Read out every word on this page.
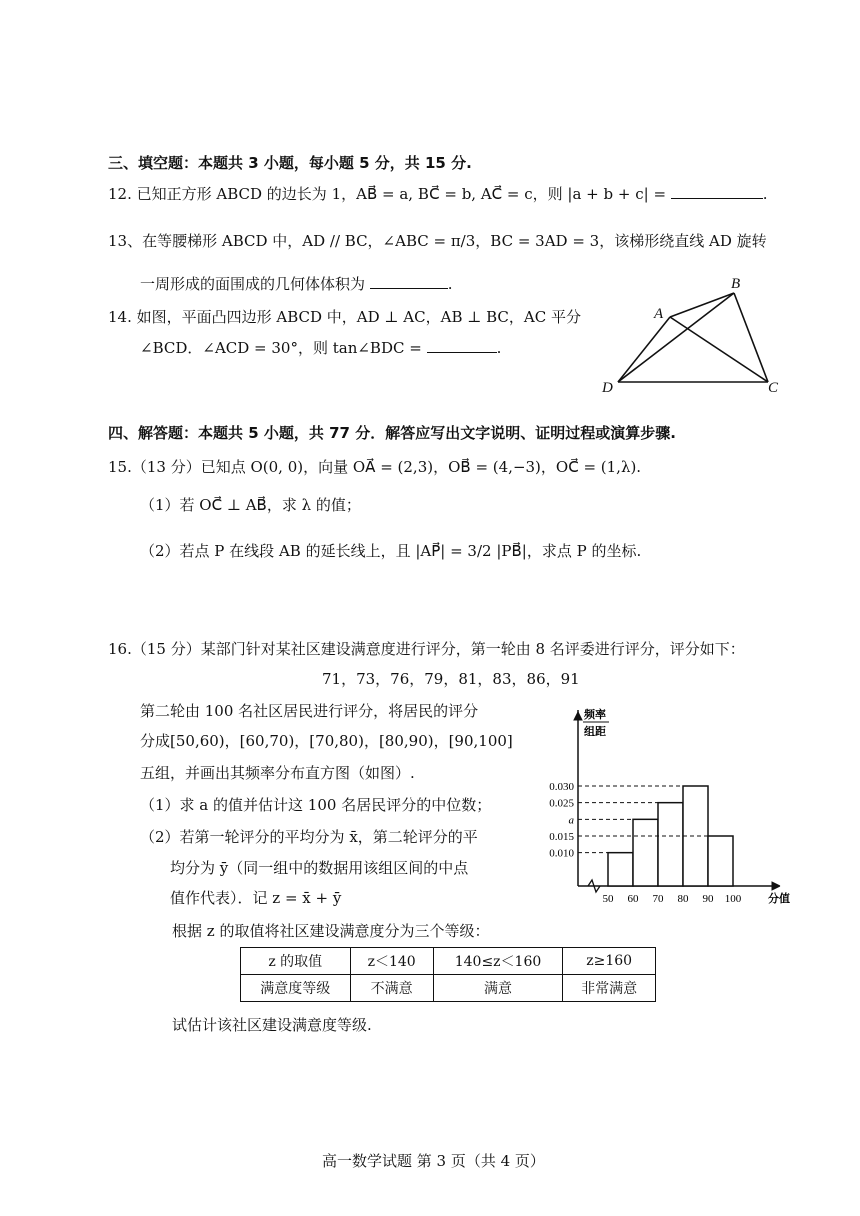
三、填空题：本题共 3 小题，每小题 5 分，共 15 分.
12. 已知正方形 ABCD 的边长为 1，AB⃗ = a, BC⃗ = b, AC⃗ = c，则 |a + b + c| =	.
13、在等腰梯形 ABCD 中，AD // BC，∠ABC = π/3，BC = 3AD = 3，该梯形绕直线 AD 旋转
一周形成的面围成的几何体体积为	.
14. 如图，平面凸四边形 ABCD 中，AD ⊥ AC，AB ⊥ BC，AC 平分
∠BCD．∠ACD = 30°，则 tan∠BDC =	.
A
B
C
D
四、解答题：本题共 5 小题，共 77 分．解答应写出文字说明、证明过程或演算步骤.
15.（13 分）已知点 O(0, 0)，向量 OA⃗ = (2,3)，OB⃗ = (4,−3)，OC⃗ = (1,λ).
（1）若 OC⃗ ⊥ AB⃗，求 λ 的值；
（2）若点 P 在线段 AB 的延长线上，且 |AP⃗| = 3/2 |PB⃗|，求点 P 的坐标.
16.（15 分）某部门针对某社区建设满意度进行评分，第一轮由 8 名评委进行评分，评分如下：
71，73，76，79，81，83，86，91
第二轮由 100 名社区居民进行评分，将居民的评分
分成[50,60)，[60,70)，[70,80)，[80,90)，[90,100]
五组，并画出其频率分布直方图（如图）.
（1）求 a 的值并估计这 100 名居民评分的中位数；
（2）若第一轮评分的平均分为 x̄，第二轮评分的平
均分为 ȳ（同一组中的数据用该组区间的中点
值作代表）．记 z = x̄ + ȳ
根据 z 的取值将社区建设满意度分为三个等级：
频率
组距
0.030
0.025
a
0.015
0.010
50 60 70 80 90 100 分值
z 的取值	z＜140	140≤z＜160	z≥160
满意度等级	不满意	满意	非常满意
试估计该社区建设满意度等级.
高一数学试题 第 3 页（共 4 页）
